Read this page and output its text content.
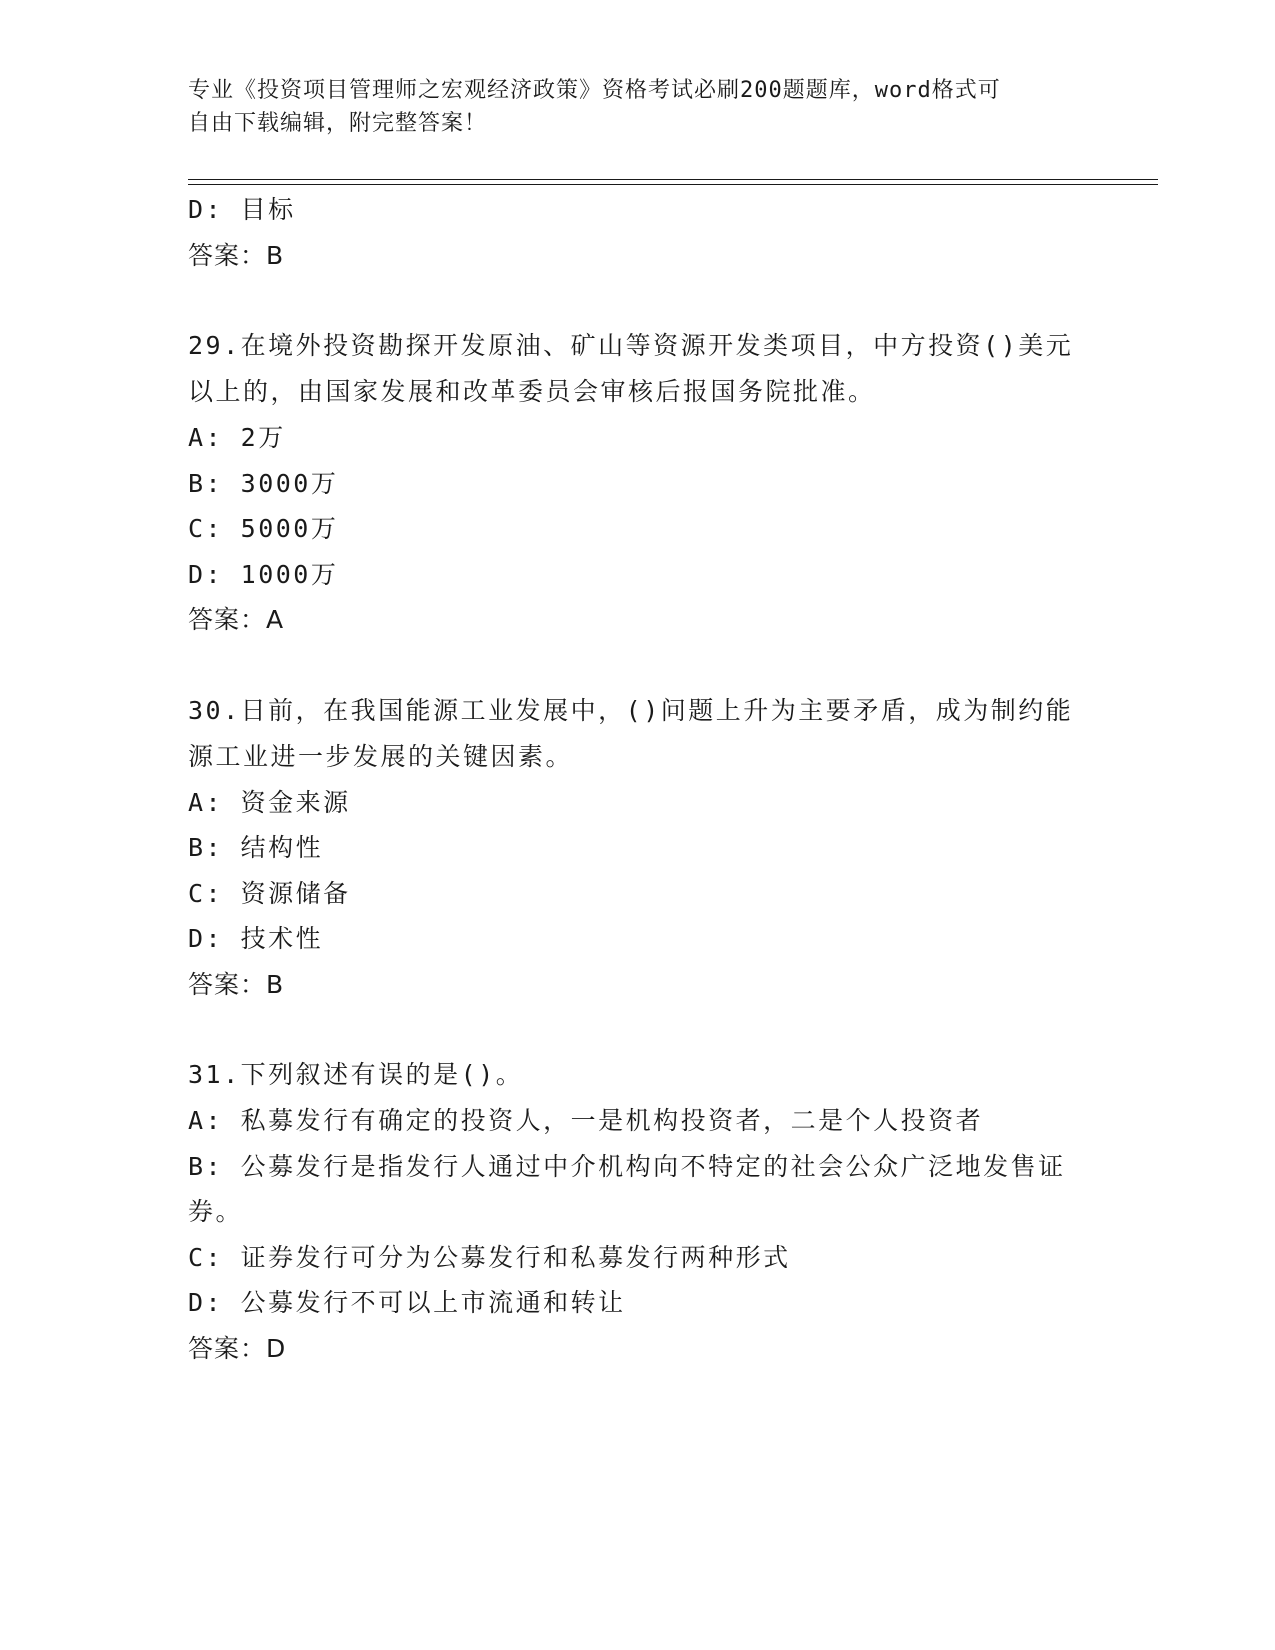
专业《投资项目管理师之宏观经济政策》资格考试必刷200题题库，word格式可
自由下载编辑，附完整答案！
D: 目标
答案：B
29.在境外投资勘探开发原油、矿山等资源开发类项目，中方投资()美元以上的，由国家发展和改革委员会审核后报国务院批准。
A: 2万
B: 3000万
C: 5000万
D: 1000万
答案：A
30.日前，在我国能源工业发展中，()问题上升为主要矛盾，成为制约能源工业进一步发展的关键因素。
A: 资金来源
B: 结构性
C: 资源储备
D: 技术性
答案：B
31.下列叙述有误的是()。
A: 私募发行有确定的投资人，一是机构投资者，二是个人投资者
B: 公募发行是指发行人通过中介机构向不特定的社会公众广泛地发售证券。
C: 证券发行可分为公募发行和私募发行两种形式
D: 公募发行不可以上市流通和转让
答案：D
